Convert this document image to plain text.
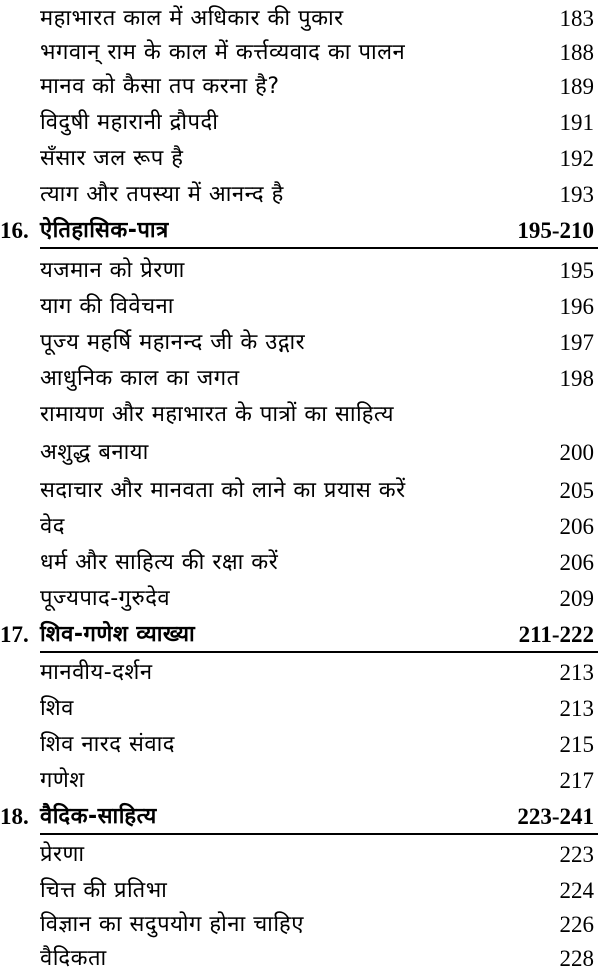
महाभारत काल में अधिकार की पुकार	183
भगवान् राम के काल में कर्त्तव्यवाद का पालन	188
मानव को कैसा तप करना है?	189
विदुषी महारानी द्रौपदी	191
सँसार जल रूप है	192
त्याग और तपस्या में आनन्द है	193
16. ऐतिहासिक-पात्र	195-210
यजमान को प्रेरणा	195
याग की विवेचना	196
पूज्य महर्षि महानन्द जी के उद्गार	197
आधुनिक काल का जगत	198
रामायण और महाभारत के पात्रों का साहित्य
अशुद्ध बनाया	200
सदाचार और मानवता को लाने का प्रयास करें	205
वेद	206
धर्म और साहित्य की रक्षा करें	206
पूज्यपाद-गुरुदेव	209
17. शिव-गणेश व्याख्या	211-222
मानवीय-दर्शन	213
शिव	213
शिव नारद संवाद	215
गणेश	217
18. वैदिक-साहित्य	223-241
प्रेरणा	223
चित्त की प्रतिभा	224
विज्ञान का सदुपयोग होना चाहिए	226
वैदिकता	228
